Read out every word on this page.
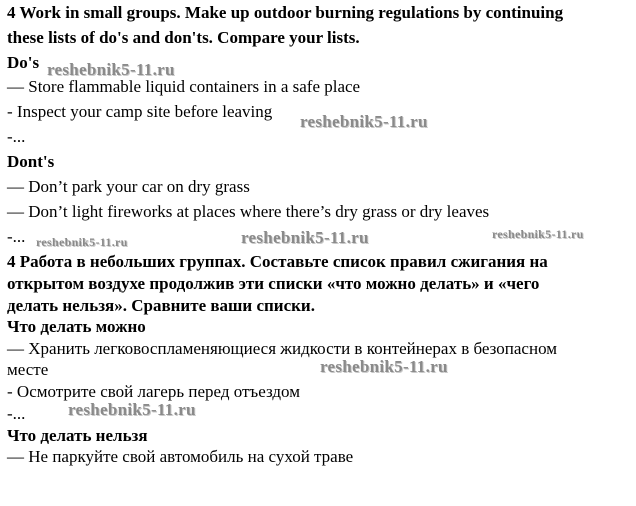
4 Work in small groups. Make up outdoor burning regulations by continuing
these lists of do's and don'ts. Compare your lists.
Do's
— Store flammable liquid containers in a safe place
- Inspect your camp site before leaving
-...
Dont's
— Don’t park your car on dry grass
— Don’t light fireworks at places where there’s dry grass or dry leaves
-...
4 Работа в небольших группах. Составьте список правил сжигания на
открытом воздухе продолжив эти списки «что можно делать» и «чего
делать нельзя». Сравните ваши списки.
Что делать можно
— Хранить легковоспламеняющиеся жидкости в контейнерах в безопасном
месте
- Осмотрите свой лагерь перед отъездом
-...
Что делать нельзя
— Не паркуйте свой автомобиль на сухой траве
reshebnik5-11.ru
reshebnik5-11.ru
reshebnik5-11.ru	reshebnik5-11.ru	reshebnik5-11.ru
reshebnik5-11.ru
reshebnik5-11.ru
